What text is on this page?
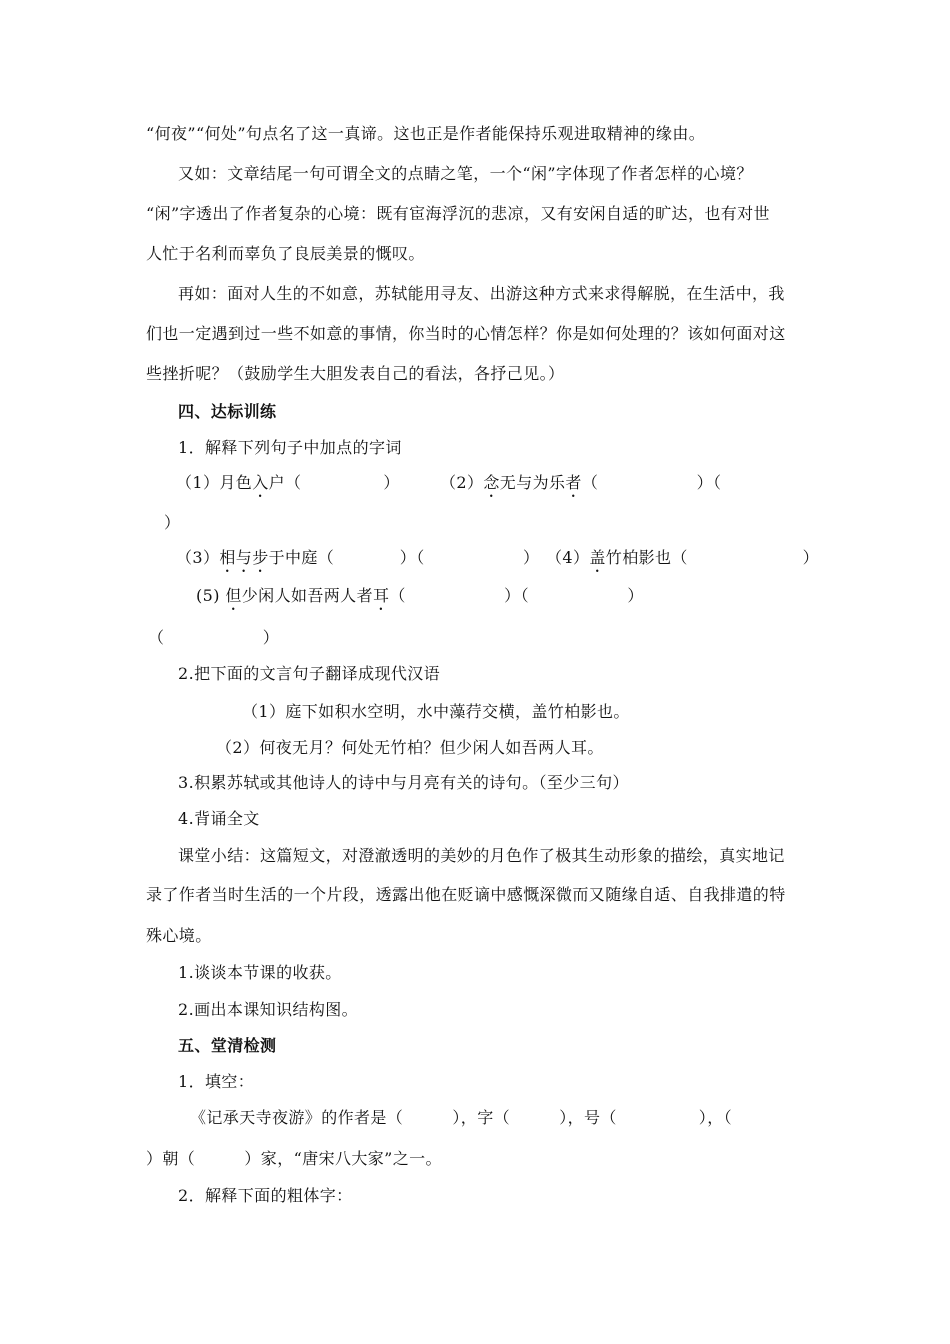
“何夜”“何处”句点名了这一真谛。这也正是作者能保持乐观进取精神的缘由。
又如：文章结尾一句可谓全文的点睛之笔，一个“闲”字体现了作者怎样的心境？
“闲”字透出了作者复杂的心境：既有宦海浮沉的悲凉，又有安闲自适的旷达，也有对世
人忙于名利而辜负了良辰美景的慨叹。
再如：面对人生的不如意，苏轼能用寻友、出游这种方式来求得解脱，在生活中，我
们也一定遇到过一些不如意的事情，你当时的心情怎样？你是如何处理的？该如何面对这
些挫折呢？（鼓励学生大胆发表自己的看法，各抒己见。）
四、达标训练
1．解释下列句子中加点的字词
（1）月色入户（　　　　　）	（2）念无与为乐者（　　　　　　）（
）
（3）相与步于中庭（　　　　）（　　　　　　） （4）盖竹柏影也（　　　　　　　）
(5) 但少闲人如吾两人者耳（　　　　　　）（　　　　　　）
（　　　　　　）
2.把下面的文言句子翻译成现代汉语
（1）庭下如积水空明，水中藻荇交横，盖竹柏影也。
（2）何夜无月？何处无竹柏？但少闲人如吾两人耳。
3.积累苏轼或其他诗人的诗中与月亮有关的诗句。（至少三句）
4.背诵全文
课堂小结：这篇短文，对澄澈透明的美妙的月色作了极其生动形象的描绘，真实地记
录了作者当时生活的一个片段，透露出他在贬谪中感慨深微而又随缘自适、自我排遣的特
殊心境。
1.谈谈本节课的收获。
2.画出本课知识结构图。
五、堂清检测
1．填空：
《记承天寺夜游》的作者是（　　　），字（　　　），号（　　　　　），（
）朝（　　　）家，“唐宋八大家”之一。
2．解释下面的粗体字：
